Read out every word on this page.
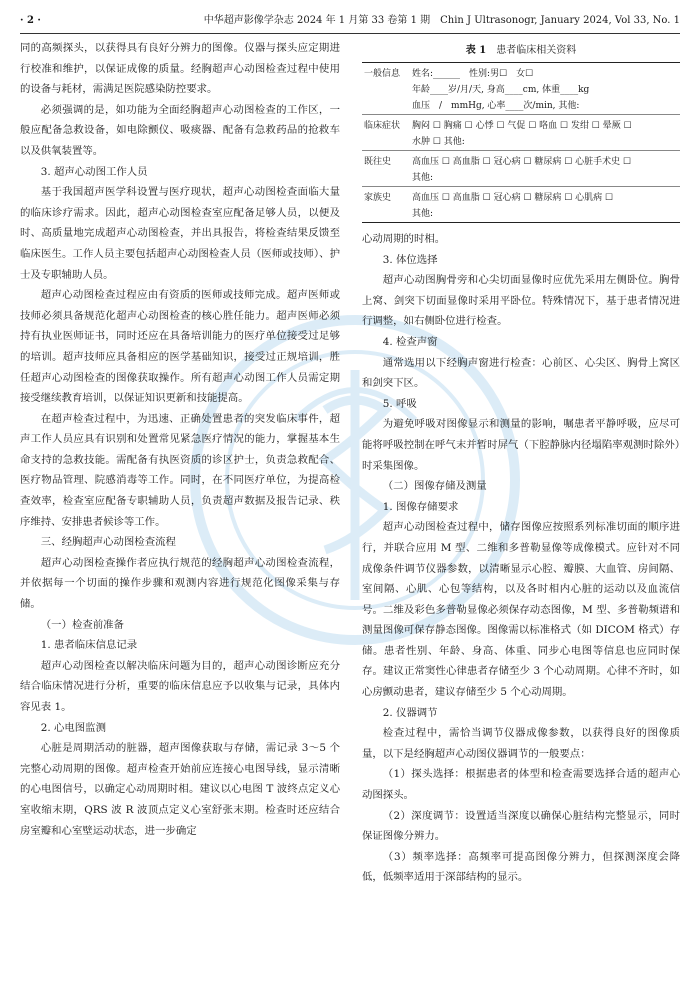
· 2 ·	中华超声影像学杂志 2024 年 1 月第 33 卷第 1 期　Chin J Ultrasonogr, January 2024, Vol 33, No. 1

同的高频探头，以获得具有良好分辨力的图像。仪器与探头应定期进行校准和维护，以保证成像的质量。经胸超声心动图检查过程中使用的设备与耗材，需满足医院感染防控要求。

必须强调的是，如功能为全面经胸超声心动图检查的工作区，一般应配备急救设备，如电除颤仪、吸痰器、配备有急救药品的抢救车以及供氧装置等。

3. 超声心动图工作人员

基于我国超声医学科设置与医疗现状，超声心动图检查面临大量的临床诊疗需求。因此，超声心动图检查室应配备足够人员，以便及时、高质量地完成超声心动图检查，并出具报告，将检查结果反馈至临床医生。工作人员主要包括超声心动图检查人员（医师或技师）、护士及专职辅助人员。

超声心动图检查过程应由有资质的医师或技师完成。超声医师或技师必须具备规范化超声心动图检查的核心胜任能力。超声医师必须持有执业医师证书，同时还应在具备培训能力的医疗单位接受过足够的培训。超声技师应具备相应的医学基础知识，接受过正规培训，胜任超声心动图检查的图像获取操作。所有超声心动图工作人员需定期接受继续教育培训，以保证知识更新和技能提高。

在超声检查过程中，为迅速、正确处置患者的突发临床事件，超声工作人员应具有识别和处置常见紧急医疗情况的能力，掌握基本生命支持的急救技能。需配备有执医资质的诊区护士，负责急救配合、医疗物品管理、院感消毒等工作。同时，在不同医疗单位，为提高检查效率，检查室应配备专职辅助人员，负责超声数据及报告记录、秩序维持、安排患者候诊等工作。

三、经胸超声心动图检查流程

超声心动图检查操作者应执行规范的经胸超声心动图检查流程，并依据每一个切面的操作步骤和观测内容进行规范化图像采集与存储。

（一）检查前准备

1. 患者临床信息记录

超声心动图检查以解决临床问题为目的，超声心动图诊断应充分结合临床情况进行分析，重要的临床信息应予以收集与记录，具体内容见表 1。

2. 心电图监测

心脏是周期活动的脏器，超声图像获取与存储，需记录 3～5 个完整心动周期的图像。超声检查开始前应连接心电图导线，显示清晰的心电图信号，以确定心动周期时相。建议以心电图 T 波终点定义心室收缩末期，QRS 波 R 波顶点定义心室舒张末期。检查时还应结合房室瓣和心室壁运动状态，进一步确定

表 1 患者临床相关资料
一般信息	姓名:______　性别:男☐　女☐
	年龄____岁/月/天, 身高____cm, 体重____kg
	血压　/　mmHg, 心率____次/min, 其他:
临床症状	胸闷 ☐ 胸痛 ☐ 心悸 ☐ 气促 ☐ 咯血 ☐ 发绀 ☐ 晕厥 ☐
	水肿 ☐ 其他:
既往史	高血压 ☐ 高血脂 ☐ 冠心病 ☐ 糖尿病 ☐ 心脏手术史 ☐
	其他:
家族史	高血压 ☐ 高血脂 ☐ 冠心病 ☐ 糖尿病 ☐ 心肌病 ☐
	其他:

心动周期的时相。

3. 体位选择

超声心动图胸骨旁和心尖切面显像时应优先采用左侧卧位。胸骨上窝、剑突下切面显像时采用平卧位。特殊情况下，基于患者情况进行调整，如右侧卧位进行检查。

4. 检查声窗

通常选用以下经胸声窗进行检查：心前区、心尖区、胸骨上窝区和剑突下区。

5. 呼吸

为避免呼吸对图像显示和测量的影响，嘱患者平静呼吸，应尽可能将呼吸控制在呼气末并暂时屏气（下腔静脉内径塌陷率观测时除外）时采集图像。

（二）图像存储及测量

1. 图像存储要求

超声心动图检查过程中，储存图像应按照系列标准切面的顺序进行，并联合应用 M 型、二维和多普勒显像等成像模式。应针对不同成像条件调节仪器参数，以清晰显示心腔、瓣膜、大血管、房间隔、室间隔、心肌、心包等结构，以及各时相内心脏的运动以及血流信号。二维及彩色多普勒显像必须保存动态图像，M 型、多普勒频谱和测量图像可保存静态图像。图像需以标准格式（如 DICOM 格式）存储。患者性别、年龄、身高、体重、同步心电图等信息也应同时保存。建议正常窦性心律患者存储至少 3 个心动周期。心律不齐时，如心房颤动患者，建议存储至少 5 个心动周期。

2. 仪器调节

检查过程中，需恰当调节仪器成像参数，以获得良好的图像质量，以下是经胸超声心动图仪器调节的一般要点：

（1）探头选择：根据患者的体型和检查需要选择合适的超声心动图探头。

（2）深度调节：设置适当深度以确保心脏结构完整显示，同时保证图像分辨力。

（3）频率选择：高频率可提高图像分辨力，但探测深度会降低，低频率适用于深部结构的显示。
